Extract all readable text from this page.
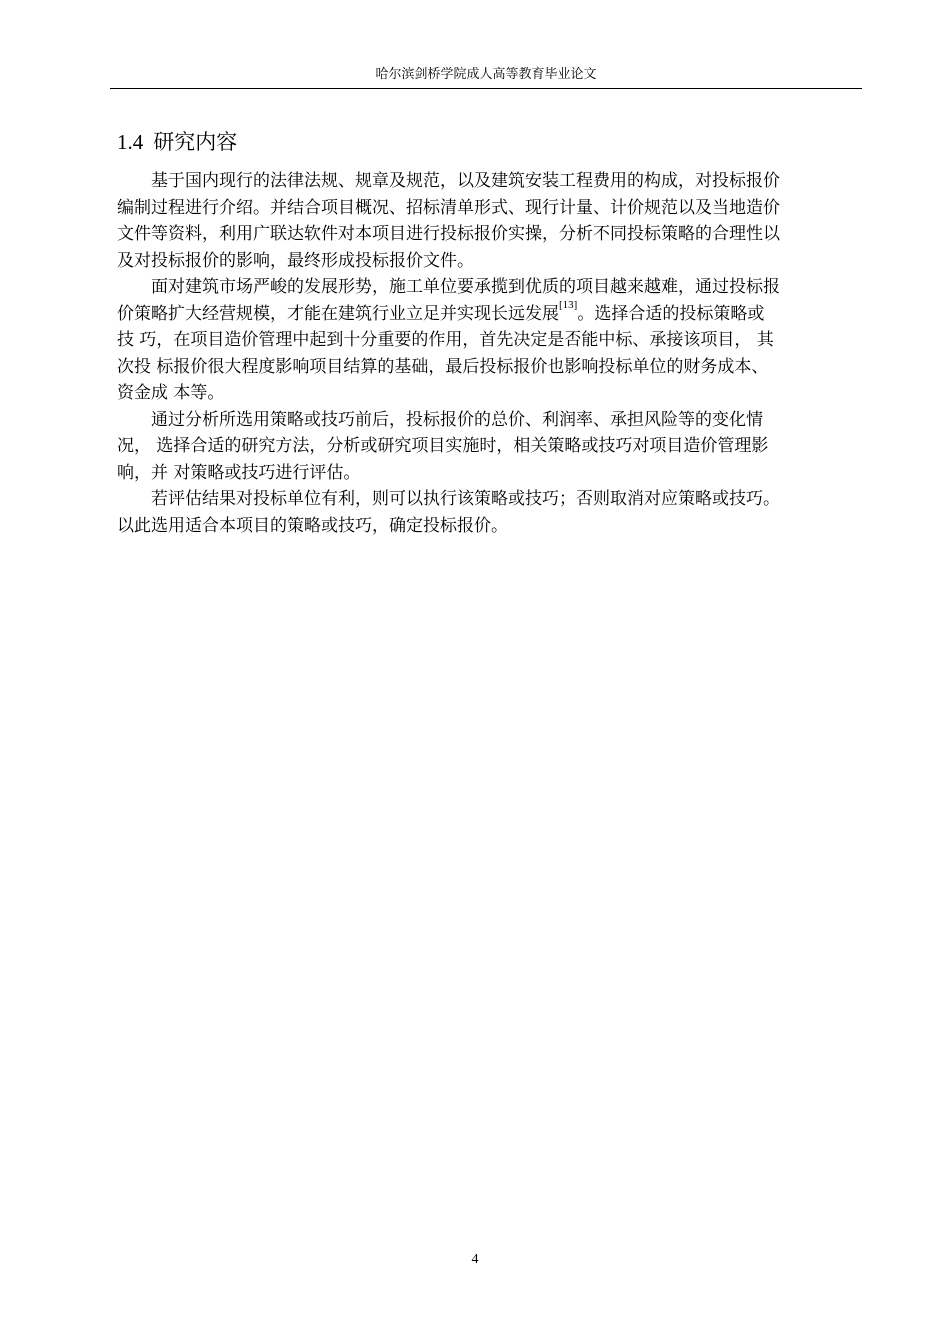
哈尔滨剑桥学院成人高等教育毕业论文
1.4 研究内容
基于国内现行的法律法规、规章及规范，以及建筑安装工程费用的构成，对投标报价
编制过程进行介绍。并结合项目概况、招标清单形式、现行计量、计价规范以及当地造价
文件等资料，利用广联达软件对本项目进行投标报价实操，分析不同投标策略的合理性以
及对投标报价的影响，最终形成投标报价文件。
面对建筑市场严峻的发展形势，施工单位要承揽到优质的项目越来越难，通过投标报
价策略扩大经营规模，才能在建筑行业立足并实现长远发展[13]。选择合适的投标策略或
技 巧，在项目造价管理中起到十分重要的作用，首先决定是否能中标、承接该项目， 其
次投 标报价很大程度影响项目结算的基础，最后投标报价也影响投标单位的财务成本、
资金成 本等。
通过分析所选用策略或技巧前后，投标报价的总价、利润率、承担风险等的变化情
况， 选择合适的研究方法，分析或研究项目实施时，相关策略或技巧对项目造价管理影
响，并 对策略或技巧进行评估。
若评估结果对投标单位有利，则可以执行该策略或技巧；否则取消对应策略或技巧。
以此选用适合本项目的策略或技巧，确定投标报价。
4
